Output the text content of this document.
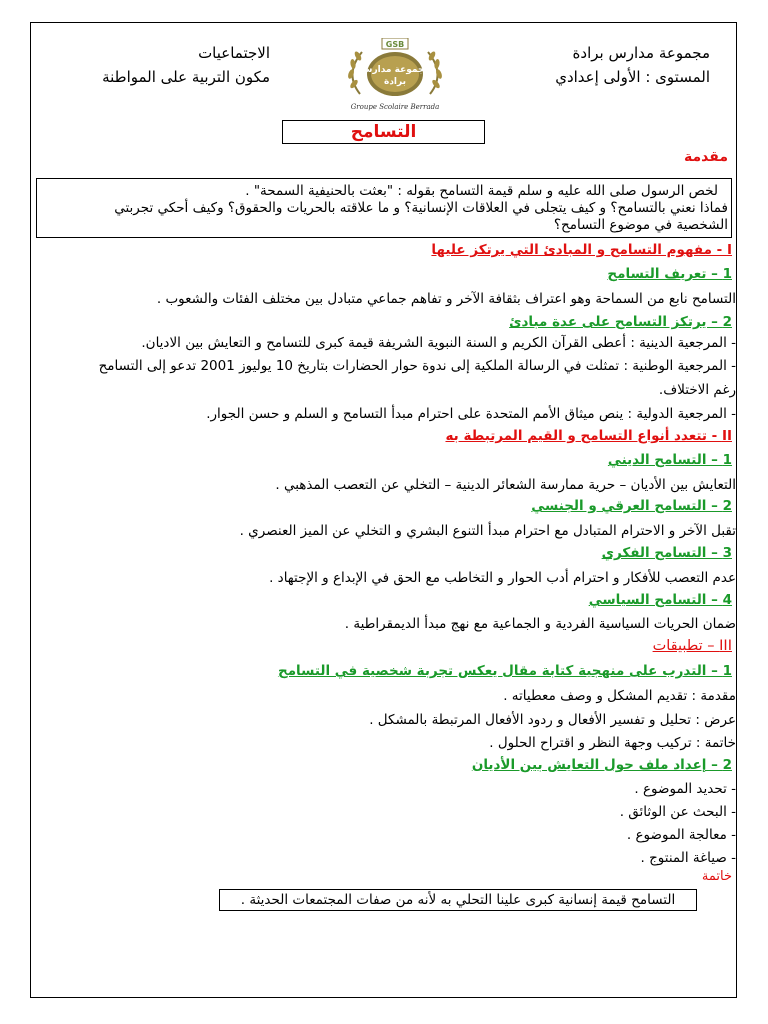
مجموعة مدارس برادة
المستوى : الأولى إعدادي
الاجتماعيات
مكون التربية على المواطنة
GSB
مجموعة مدارس
برادة
Groupe Scolaire Berrada
التسامح
مقدمة
لخص الرسول صلى الله عليه و سلم قيمة التسامح بقوله : "بعثت بالحنيفية السمحة" .
فماذا نعني بالتسامح؟ و كيف يتجلى في العلاقات الإنسانية؟ و ما علاقته بالحريات والحقوق؟ وكيف أحكي تجربتي
الشخصية في موضوع التسامح؟
I - مفهوم التسامح و المبادئ التي يرتكز عليها
1 – تعريف التسامح
التسامح نابع من السماحة وهو اعتراف بثقافة الآخر و تفاهم جماعي متبادل بين مختلف الفئات والشعوب .
2 – يرتكز التسامح على عدة مبادئ
- المرجعية الدينية : أعطى القرآن الكريم و السنة النبوية الشريفة قيمة كبرى للتسامح و التعايش بين الاديان.
- المرجعية الوطنية : تمثلت في الرسالة الملكية إلى ندوة حوار الحضارات بتاريخ 10 يوليوز 2001 تدعو إلى التسامح
رغم الاختلاف.
- المرجعية الدولية : ينص ميثاق الأمم المتحدة على احترام مبدأ التسامح و السلم و حسن الجوار.
II - تتعدد أنواع التسامح و القيم المرتبطة به
1 – التسامح الديني
التعايش بين الأديان – حرية ممارسة الشعائر الدينية – التخلي عن التعصب المذهبي .
2 – التسامح العرقي و الجنسي
تقبل الآخر و الاحترام المتبادل مع احترام مبدأ التنوع البشري و التخلي عن الميز العنصري .
3 – التسامح الفكري
عدم التعصب للأفكار و احترام أدب الحوار و التخاطب مع الحق في الإبداع و الإجتهاد .
4 – التسامح السياسي
ضمان الحريات السياسية الفردية و الجماعية مع نهج مبدأ الديمقراطية .
III – تطبيقات
1 – التدرب على منهجية كتابة مقال يعكس تجربة شخصية في التسامح
مقدمة : تقديم المشكل و وصف معطياته .
عرض : تحليل و تفسير الأفعال و ردود الأفعال المرتبطة بالمشكل .
خاتمة : تركيب وجهة النظر و اقتراح الحلول .
2 – إعداد ملف حول التعايش بين الأديان
- تحديد الموضوع .
- البحث عن الوثائق .
- معالجة الموضوع .
- صياغة المنتوج .
خاتمة
التسامح قيمة إنسانية كبرى علينا التحلي به لأنه من صفات المجتمعات الحديثة .
